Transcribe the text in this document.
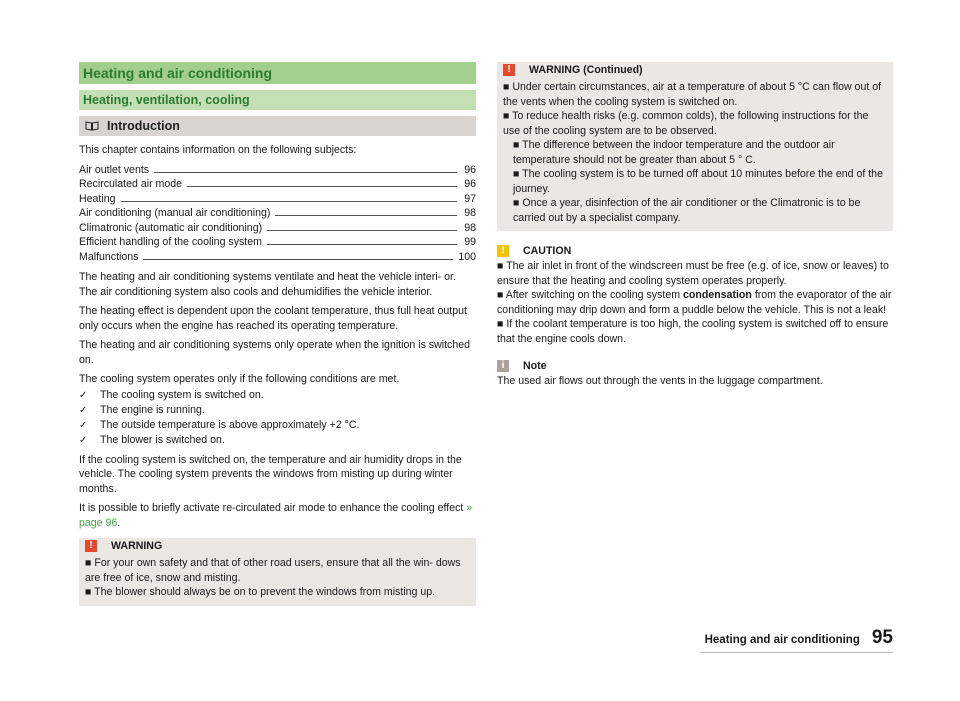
Heating and air conditioning
Heating, ventilation, cooling
Introduction

This chapter contains information on the following subjects:

Air outlet vents	96
Recirculated air mode	96
Heating	97
Air conditioning (manual air conditioning)	98
Climatronic (automatic air conditioning)	98
Efficient handling of the cooling system	99
Malfunctions	100

The heating and air conditioning systems ventilate and heat the vehicle interi- or. The air conditioning system also cools and dehumidifies the vehicle interior.

The heating effect is dependent upon the coolant temperature, thus full heat output only occurs when the engine has reached its operating temperature.

The heating and air conditioning systems only operate when the ignition is switched on.

The cooling system operates only if the following conditions are met.

✓	The cooling system is switched on.
✓	The engine is running.
✓	The outside temperature is above approximately +2 °C.
✓	The blower is switched on.

If the cooling system is switched on, the temperature and air humidity drops in the vehicle. The cooling system prevents the windows from misting up during winter months.

It is possible to briefly activate re-circulated air mode to enhance the cooling effect » page 96.

!	WARNING

■ For your own safety and that of other road users, ensure that all the win- dows are free of ice, snow and misting.

■ The blower should always be on to prevent the windows from misting up.

!	WARNING (Continued)

■ Under certain circumstances, air at a temperature of about 5 °C can flow out of the vents when the cooling system is switched on.

■ To reduce health risks (e.g. common colds), the following instructions for the use of the cooling system are to be observed.

■ The difference between the indoor temperature and the outdoor air temperature should not be greater than about 5 ° C.

■ The cooling system is to be turned off about 10 minutes before the end of the journey.

■ Once a year, disinfection of the air conditioner or the Climatronic is to be carried out by a specialist company.

!	CAUTION

■ The air inlet in front of the windscreen must be free (e.g. of ice, snow or leaves) to ensure that the heating and cooling system operates properly.

■ After switching on the cooling system condensation from the evaporator of the air conditioning may drip down and form a puddle below the vehicle. This is not a leak!

■ If the coolant temperature is too high, the cooling system is switched off to ensure that the engine cools down.

i	Note

The used air flows out through the vents in the luggage compartment.

Heating and air conditioning 95
